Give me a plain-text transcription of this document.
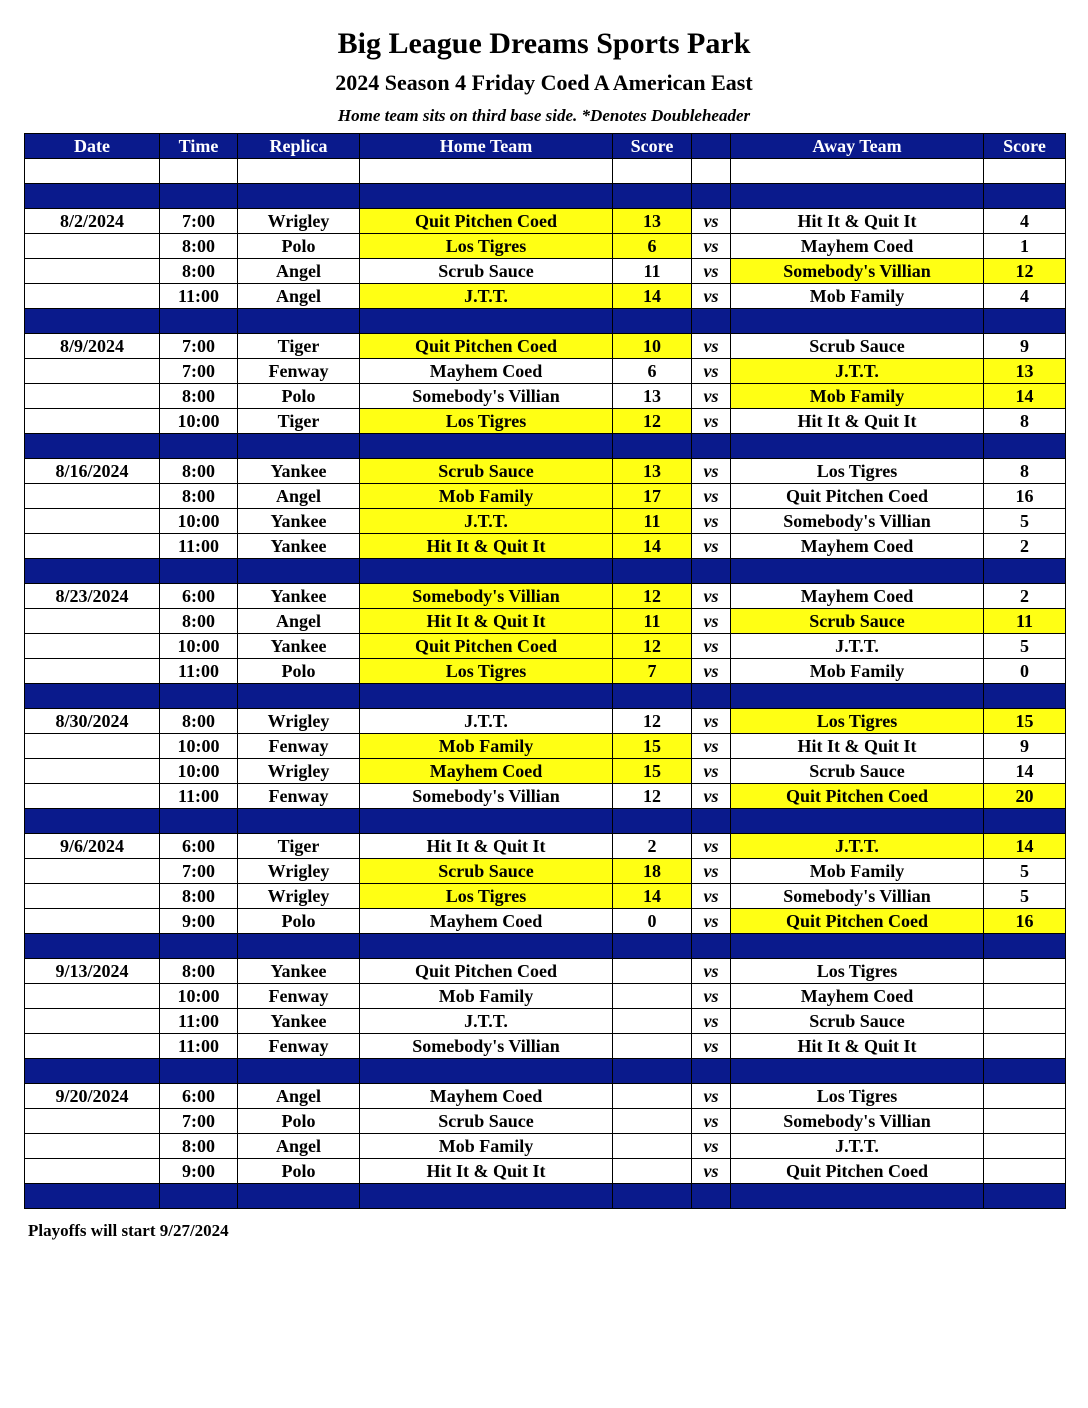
Big League Dreams Sports Park
2024 Season 4 Friday Coed A American East
Home team sits on third base side. *Denotes Doubleheader
Date	Time	Replica	Home Team	Score		Away Team	Score

8/2/2024	7:00	Wrigley	Quit Pitchen Coed	13	vs	Hit It & Quit It	4
	8:00	Polo	Los Tigres	6	vs	Mayhem Coed	1
	8:00	Angel	Scrub Sauce	11	vs	Somebody's Villian	12
	11:00	Angel	J.T.T.	14	vs	Mob Family	4

8/9/2024	7:00	Tiger	Quit Pitchen Coed	10	vs	Scrub Sauce	9
	7:00	Fenway	Mayhem Coed	6	vs	J.T.T.	13
	8:00	Polo	Somebody's Villian	13	vs	Mob Family	14
	10:00	Tiger	Los Tigres	12	vs	Hit It & Quit It	8

8/16/2024	8:00	Yankee	Scrub Sauce	13	vs	Los Tigres	8
	8:00	Angel	Mob Family	17	vs	Quit Pitchen Coed	16
	10:00	Yankee	J.T.T.	11	vs	Somebody's Villian	5
	11:00	Yankee	Hit It & Quit It	14	vs	Mayhem Coed	2

8/23/2024	6:00	Yankee	Somebody's Villian	12	vs	Mayhem Coed	2
	8:00	Angel	Hit It & Quit It	11	vs	Scrub Sauce	11
	10:00	Yankee	Quit Pitchen Coed	12	vs	J.T.T.	5
	11:00	Polo	Los Tigres	7	vs	Mob Family	0

8/30/2024	8:00	Wrigley	J.T.T.	12	vs	Los Tigres	15
	10:00	Fenway	Mob Family	15	vs	Hit It & Quit It	9
	10:00	Wrigley	Mayhem Coed	15	vs	Scrub Sauce	14
	11:00	Fenway	Somebody's Villian	12	vs	Quit Pitchen Coed	20

9/6/2024	6:00	Tiger	Hit It & Quit It	2	vs	J.T.T.	14
	7:00	Wrigley	Scrub Sauce	18	vs	Mob Family	5
	8:00	Wrigley	Los Tigres	14	vs	Somebody's Villian	5
	9:00	Polo	Mayhem Coed	0	vs	Quit Pitchen Coed	16

9/13/2024	8:00	Yankee	Quit Pitchen Coed		vs	Los Tigres	
	10:00	Fenway	Mob Family		vs	Mayhem Coed	
	11:00	Yankee	J.T.T.		vs	Scrub Sauce	
	11:00	Fenway	Somebody's Villian		vs	Hit It & Quit It	

9/20/2024	6:00	Angel	Mayhem Coed		vs	Los Tigres	
	7:00	Polo	Scrub Sauce		vs	Somebody's Villian	
	8:00	Angel	Mob Family		vs	J.T.T.	
	9:00	Polo	Hit It & Quit It		vs	Quit Pitchen Coed	

Playoffs will start 9/27/2024
